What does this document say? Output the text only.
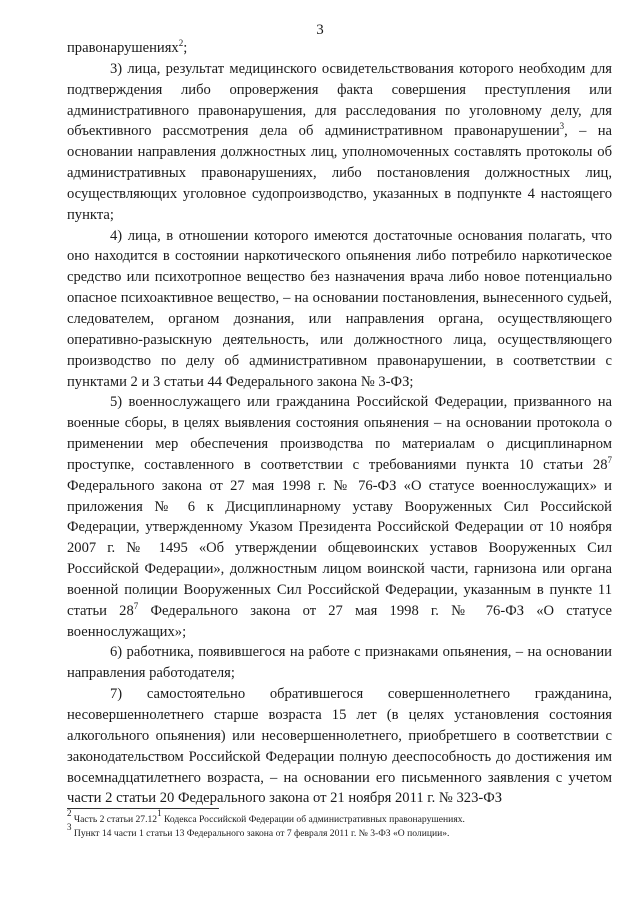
3

правонарушениях$^2$;

3) лица, результат медицинского освидетельствования которого необходим для подтверждения либо опровержения факта совершения преступления или административного правонарушения, для расследования по уголовному делу, для объективного рассмотрения дела об административном правонарушении$^3$, – на основании направления должностных лиц, уполномоченных составлять протоколы об административных правонарушениях, либо постановления должностных лиц, осуществляющих уголовное судопроизводство, указанных в подпункте 4 настоящего пункта;

4) лица, в отношении которого имеются достаточные основания полагать, что оно находится в состоянии наркотического опьянения либо потребило наркотическое средство или психотропное вещество без назначения врача либо новое потенциально опасное психоактивное вещество, – на основании постановления, вынесенного судьей, следователем, органом дознания, или направления органа, осуществляющего оперативно-разыскную деятельность, или должностного лица, осуществляющего производство по делу об административном правонарушении, в соответствии с пунктами 2 и 3 статьи 44 Федерального закона № 3-ФЗ;

5) военнослужащего или гражданина Российской Федерации, призванного на военные сборы, в целях выявления состояния опьянения – на основании протокола о применении мер обеспечения производства по материалам о дисциплинарном проступке, составленного в соответствии с требованиями пункта 10 статьи $28^7$ Федерального закона от 27 мая 1998 г. № 76-ФЗ «О статусе военнослужащих» и приложения № 6 к Дисциплинарному уставу Вооруженных Сил Российской Федерации, утвержденному Указом Президента Российской Федерации от 10 ноября 2007 г. № 1495 «Об утверждении общевоинских уставов Вооруженных Сил Российской Федерации», должностным лицом воинской части, гарнизона или органа военной полиции Вооруженных Сил Российской Федерации, указанным в пункте 11 статьи $28^7$ Федерального закона от 27 мая 1998 г. № 76-ФЗ «О статусе военнослужащих»;

6) работника, появившегося на работе с признаками опьянения, – на основании направления работодателя;

7) самостоятельно обратившегося совершеннолетнего гражданина, несовершеннолетнего старше возраста 15 лет (в целях установления состояния алкогольного опьянения) или несовершеннолетнего, приобретшего в соответствии с законодательством Российской Федерации полную дееспособность до достижения им восемнадцатилетнего возраста, – на основании его письменного заявления с учетом части 2 статьи 20 Федерального закона от 21 ноября 2011 г. № 323-ФЗ

$^2$ Часть 2 статьи 27.12$^1$ Кодекса Российской Федерации об административных правонарушениях.

$^3$ Пункт 14 части 1 статьи 13 Федерального закона от 7 февраля 2011 г. № 3-ФЗ «О полиции».
